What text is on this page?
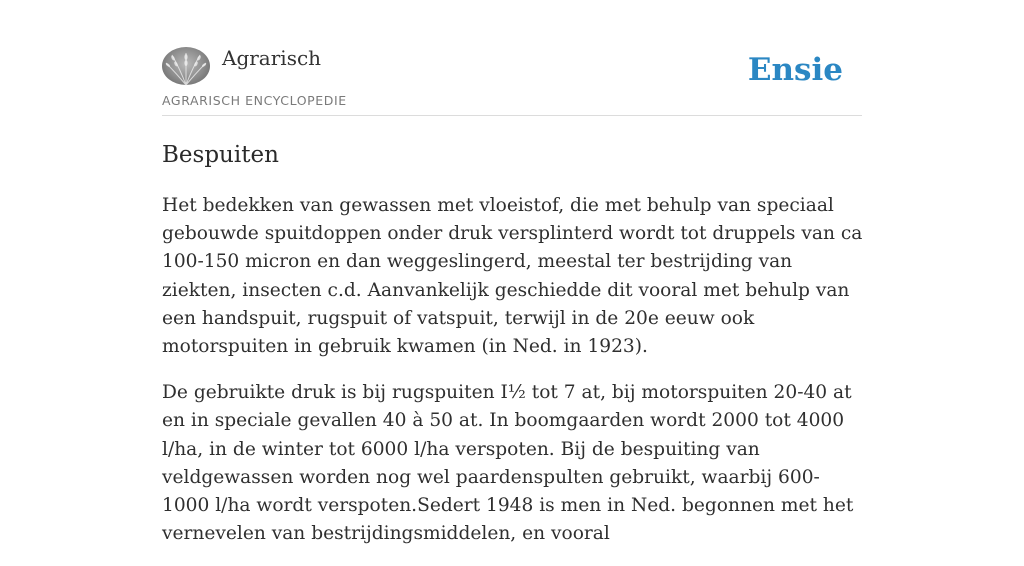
Agrarisch
AGRARISCH ENCYCLOPEDIE
Ensie
Bespuiten

Het bedekken van gewassen met vloeistof, die met behulp van speciaal gebouwde spuitdoppen onder druk versplinterd wordt tot druppels van ca 100-150 micron en dan weggeslingerd, meestal ter bestrijding van ziekten, insecten c.d. Aanvankelijk geschiedde dit vooral met behulp van een handspuit, rugspuit of vatspuit, terwijl in de 20e eeuw ook motorspuiten in gebruik kwamen (in Ned. in 1923).

De gebruikte druk is bij rugspuiten I½ tot 7 at, bij motorspuiten 20-40 at en in speciale gevallen 40 à 50 at. In boomgaarden wordt 2000 tot 4000 l/ha, in de winter tot 6000 l/ha verspoten. Bij de bespuiting van veldgewassen worden nog wel paardenspulten gebruikt, waarbij 600-1000 l/ha wordt verspoten.Sedert 1948 is men in Ned. begonnen met het vernevelen van bestrijdingsmiddelen, en vooral
